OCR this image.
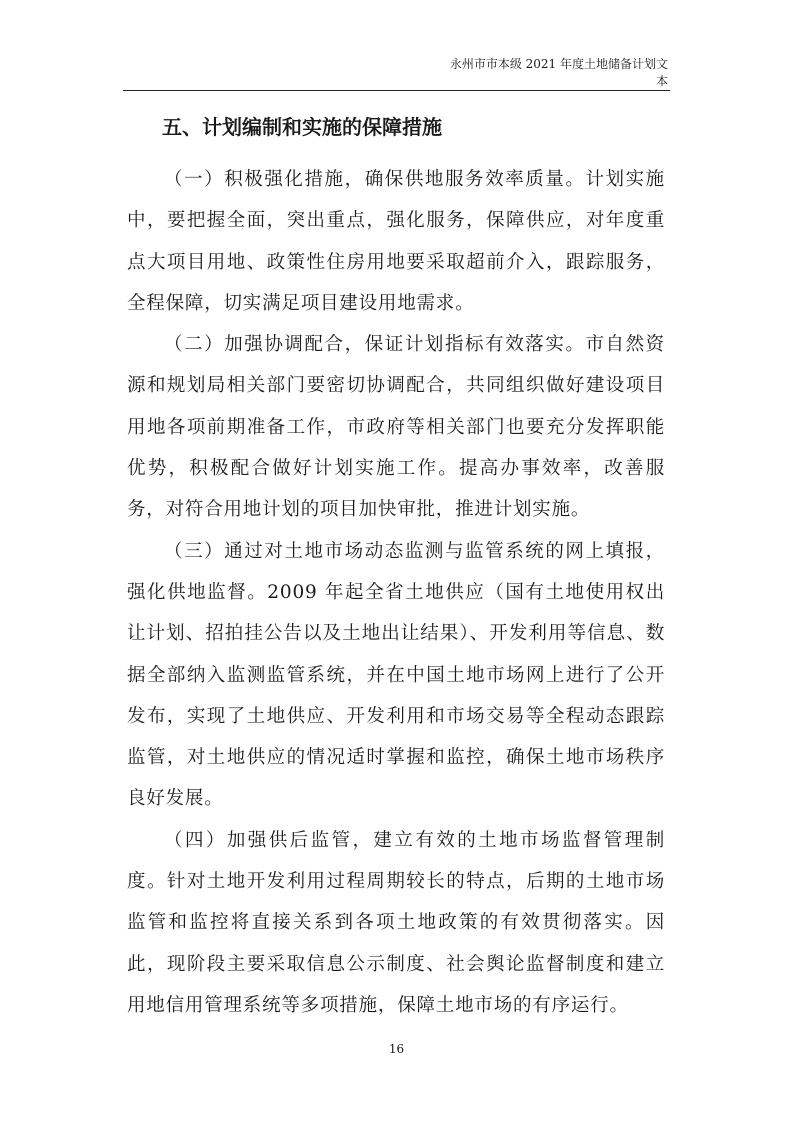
永州市市本级 2021 年度土地储备计划文
本
五、计划编制和实施的保障措施

（一）积极强化措施，确保供地服务效率质量。计划实施中，要把握全面，突出重点，强化服务，保障供应，对年度重点大项目用地、政策性住房用地要采取超前介入，跟踪服务，全程保障，切实满足项目建设用地需求。

（二）加强协调配合，保证计划指标有效落实。市自然资源和规划局相关部门要密切协调配合，共同组织做好建设项目用地各项前期准备工作，市政府等相关部门也要充分发挥职能优势，积极配合做好计划实施工作。提高办事效率，改善服务，对符合用地计划的项目加快审批，推进计划实施。

（三）通过对土地市场动态监测与监管系统的网上填报，强化供地监督。2009 年起全省土地供应（国有土地使用权出让计划、招拍挂公告以及土地出让结果）、开发利用等信息、数据全部纳入监测监管系统，并在中国土地市场网上进行了公开发布，实现了土地供应、开发利用和市场交易等全程动态跟踪监管，对土地供应的情况适时掌握和监控，确保土地市场秩序良好发展。

（四）加强供后监管，建立有效的土地市场监督管理制度。针对土地开发利用过程周期较长的特点，后期的土地市场监管和监控将直接关系到各项土地政策的有效贯彻落实。因此，现阶段主要采取信息公示制度、社会舆论监督制度和建立用地信用管理系统等多项措施，保障土地市场的有序运行。

16
